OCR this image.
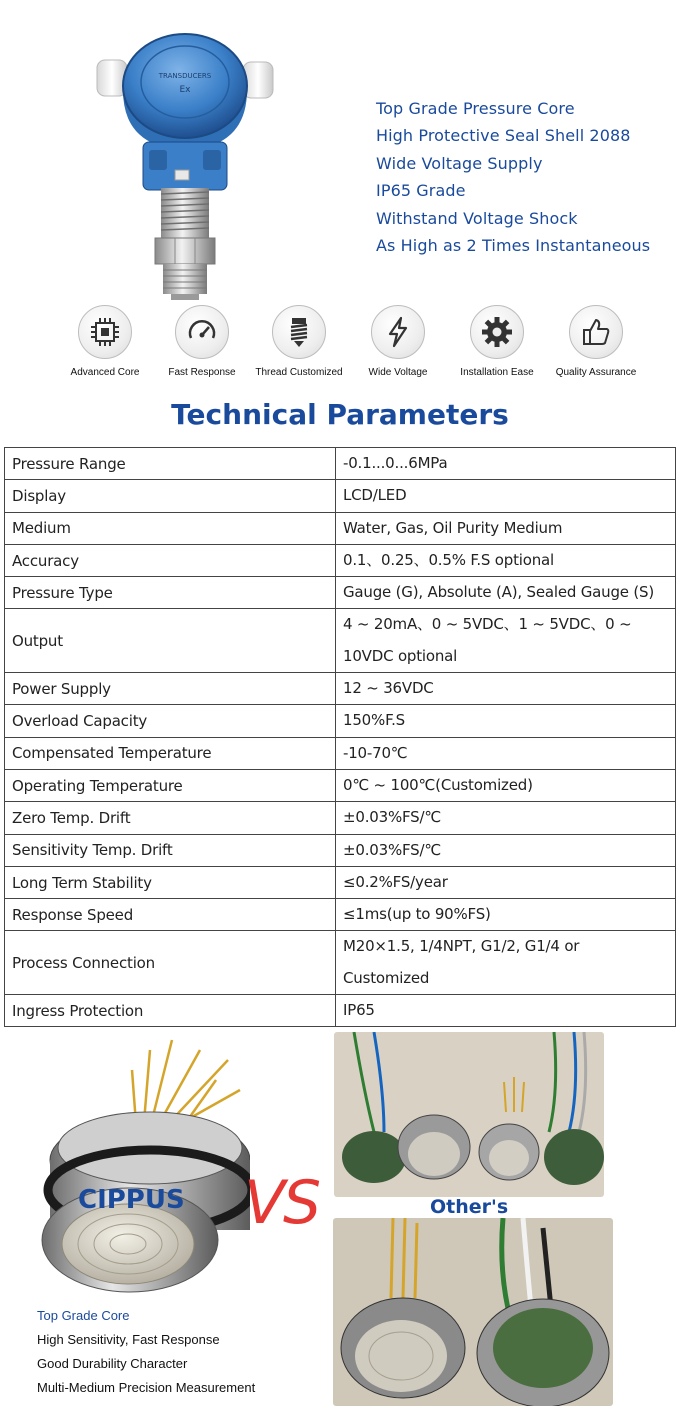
TRANSDUCERS
Ex
Top Grade Pressure Core
High Protective Seal Shell 2088
Wide Voltage Supply
IP65 Grade
Withstand Voltage Shock
As High as 2 Times Instantaneous
Advanced Core	Fast Response	Thread Customized	Wide Voltage	Installation Ease	Quality Assurance
Technical Parameters
Pressure Range	-0.1...0...6MPa
Display	LCD/LED
Medium	Water, Gas, Oil Purity Medium
Accuracy	0.1、0.25、0.5% F.S optional
Pressure Type	Gauge (G), Absolute (A), Sealed Gauge (S)
Output	4 ~ 20mA、0 ~ 5VDC、1 ~ 5VDC、0 ~ 10VDC optional
Power Supply	12 ~ 36VDC
Overload Capacity	150%F.S
Compensated Temperature	-10-70℃
Operating Temperature	0℃ ~ 100℃(Customized)
Zero Temp. Drift	±0.03%FS/℃
Sensitivity Temp. Drift	±0.03%FS/℃
Long Term Stability	≤0.2%FS/year
Response Speed	≤1ms(up to 90%FS)
Process Connection	M20×1.5, 1/4NPT, G1/2, G1/4 or Customized
Ingress Protection	IP65
CIPPUS VS	Other's
Top Grade Core
High Sensitivity, Fast Response
Good Durability Character
Multi-Medium Precision Measurement
